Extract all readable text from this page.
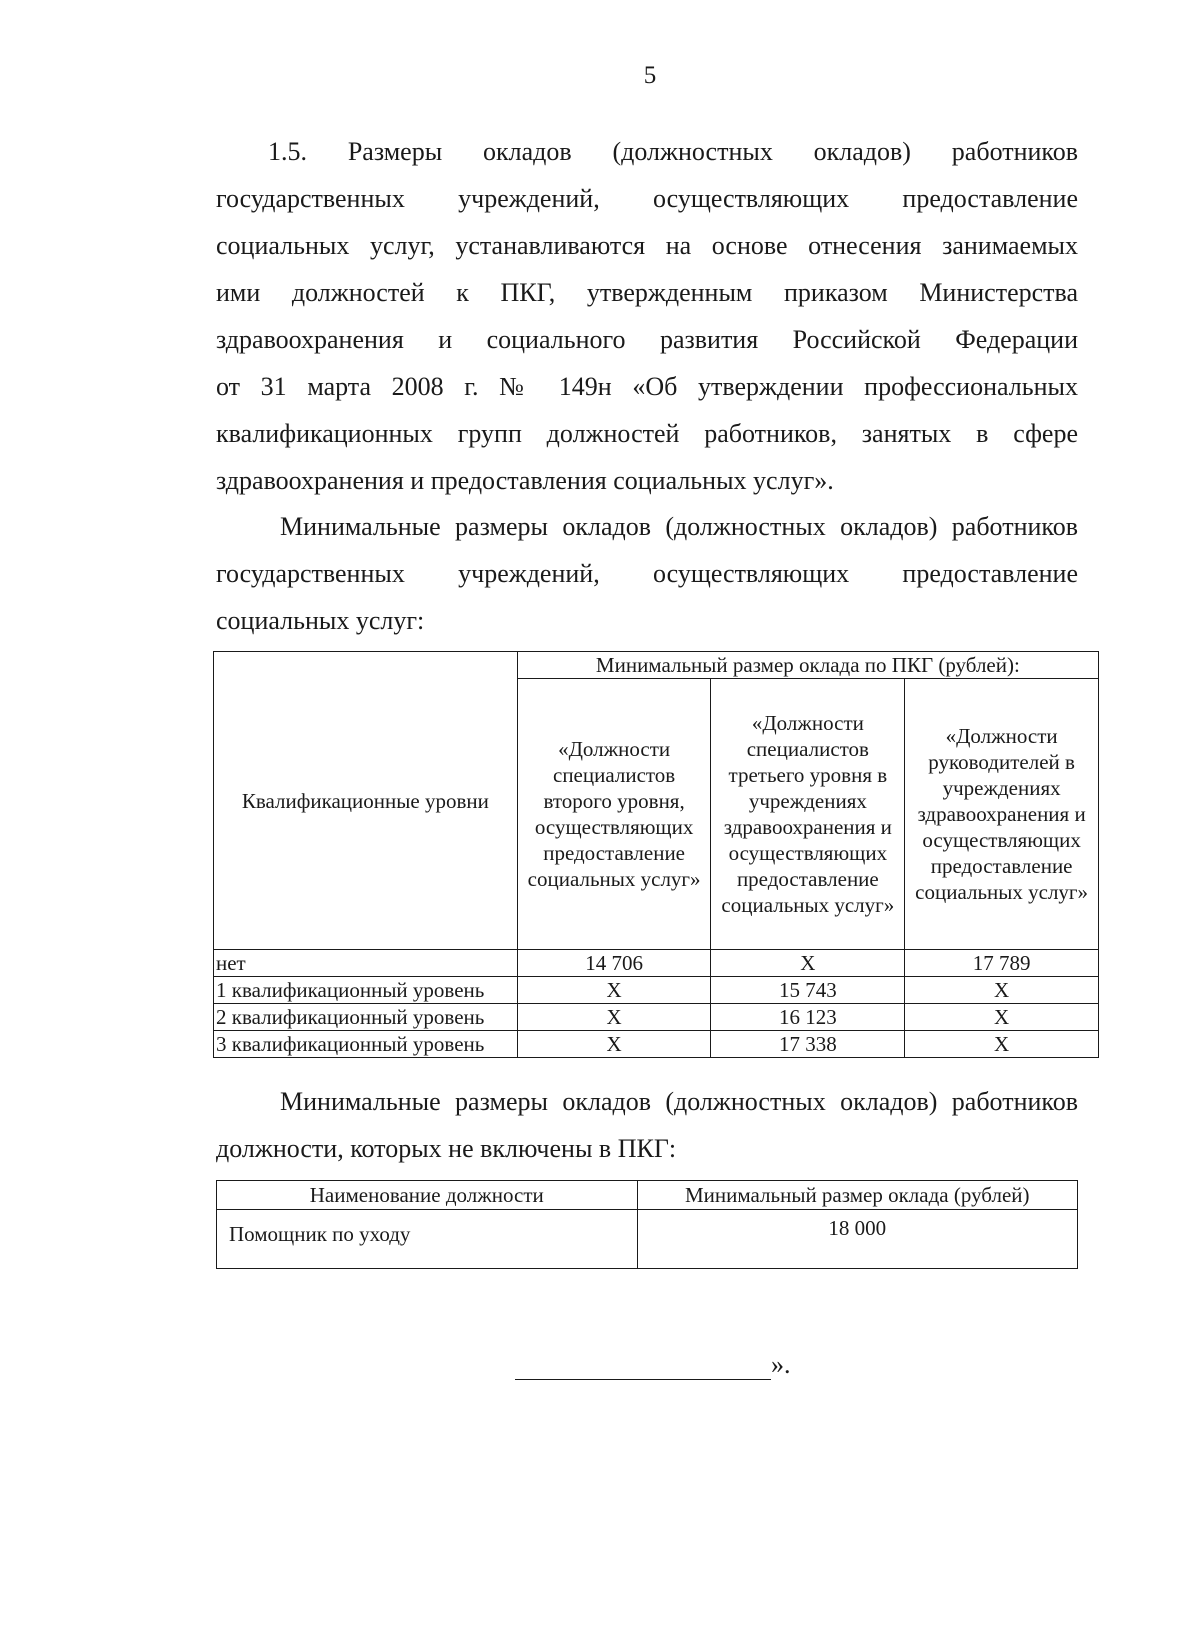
5
1.5. Размеры окладов (должностных окладов) работников
государственных учреждений, осуществляющих предоставление
социальных услуг, устанавливаются на основе отнесения занимаемых
ими должностей к ПКГ, утвержденным приказом Министерства
здравоохранения и социального развития Российской Федерации
от 31 марта 2008 г. № 149н «Об утверждении профессиональных
квалификационных групп должностей работников, занятых в сфере
здравоохранения и предоставления социальных услуг».
Минимальные размеры окладов (должностных окладов) работников
государственных учреждений, осуществляющих предоставление
социальных услуг:
Квалификационные уровни	Минимальный размер оклада по ПКГ (рублей):		
	«Должности специалистов второго уровня, осуществляющих предоставление социальных услуг»	«Должности специалистов третьего уровня в учреждениях здравоохранения и осуществляющих предоставление социальных услуг»	«Должности руководителей в учреждениях здравоохранения и осуществляющих предоставление социальных услуг»
нет	14 706	Х	17 789
1 квалификационный уровень	Х	15 743	Х
2 квалификационный уровень	Х	16 123	Х
3 квалификационный уровень	Х	17 338	Х
Минимальные размеры окладов (должностных окладов) работников
должности, которых не включены в ПКГ:
Наименование должности	Минимальный размер оклада (рублей)
Помощник по уходу	18 000
».
